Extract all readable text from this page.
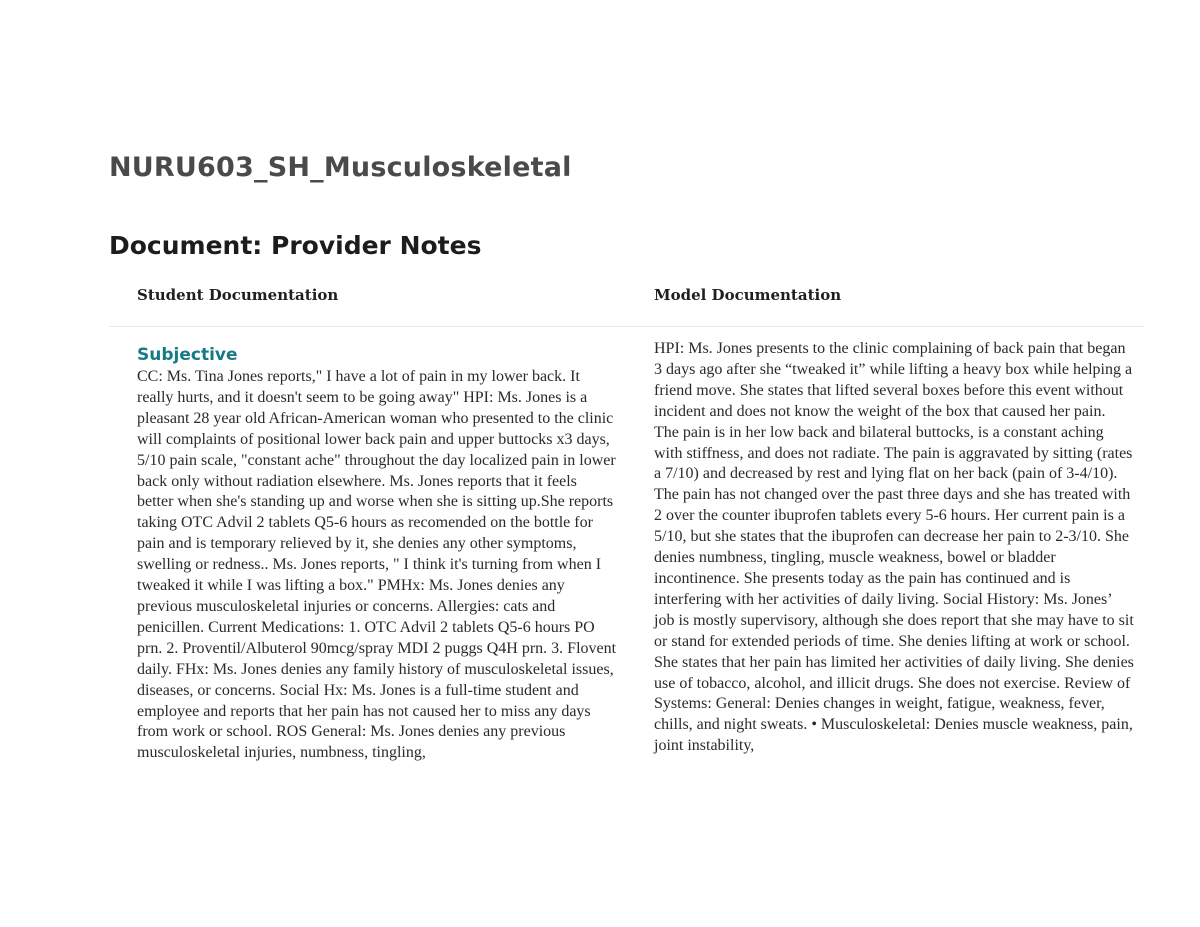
NURU603_SH_Musculoskeletal
Document: Provider Notes
Student Documentation	Model Documentation
Subjective

CC: Ms. Tina Jones reports," I have a lot of pain in my lower back. It really hurts, and it doesn't seem to be going away" HPI: Ms. Jones is a pleasant 28 year old African-American woman who presented to the clinic will complaints of positional lower back pain and upper buttocks x3 days, 5/10 pain scale, "constant ache" throughout the day localized pain in lower back only without radiation elsewhere. Ms. Jones reports that it feels better when she's standing up and worse when she is sitting up.She reports taking OTC Advil 2 tablets Q5-6 hours as recomended on the bottle for pain and is temporary relieved by it, she denies any other symptoms, swelling or redness.. Ms. Jones reports, " I think it's turning from when I tweaked it while I was lifting a box." PMHx: Ms. Jones denies any previous musculoskeletal injuries or concerns. Allergies: cats and penicillen. Current Medications: 1. OTC Advil 2 tablets Q5-6 hours PO prn. 2. Proventil/Albuterol 90mcg/spray MDI 2 puggs Q4H prn. 3. Flovent daily. FHx: Ms. Jones denies any family history of musculoskeletal issues, diseases, or concerns. Social Hx: Ms. Jones is a full-time student and employee and reports that her pain has not caused her to miss any days from work or school. ROS General: Ms. Jones denies any previous musculoskeletal injuries, numbness, tingling,

HPI: Ms. Jones presents to the clinic complaining of back pain that began 3 days ago after she “tweaked it” while lifting a heavy box while helping a friend move. She states that lifted several boxes before this event without incident and does not know the weight of the box that caused her pain. The pain is in her low back and bilateral buttocks, is a constant aching with stiffness, and does not radiate. The pain is aggravated by sitting (rates a 7/10) and decreased by rest and lying flat on her back (pain of 3-4/10). The pain has not changed over the past three days and she has treated with 2 over the counter ibuprofen tablets every 5-6 hours. Her current pain is a 5/10, but she states that the ibuprofen can decrease her pain to 2-3/10. She denies numbness, tingling, muscle weakness, bowel or bladder incontinence. She presents today as the pain has continued and is interfering with her activities of daily living. Social History: Ms. Jones’ job is mostly supervisory, although she does report that she may have to sit or stand for extended periods of time. She denies lifting at work or school. She states that her pain has limited her activities of daily living. She denies use of tobacco, alcohol, and illicit drugs. She does not exercise. Review of Systems: General: Denies changes in weight, fatigue, weakness, fever, chills, and night sweats. • Musculoskeletal: Denies muscle weakness, pain, joint instability,
